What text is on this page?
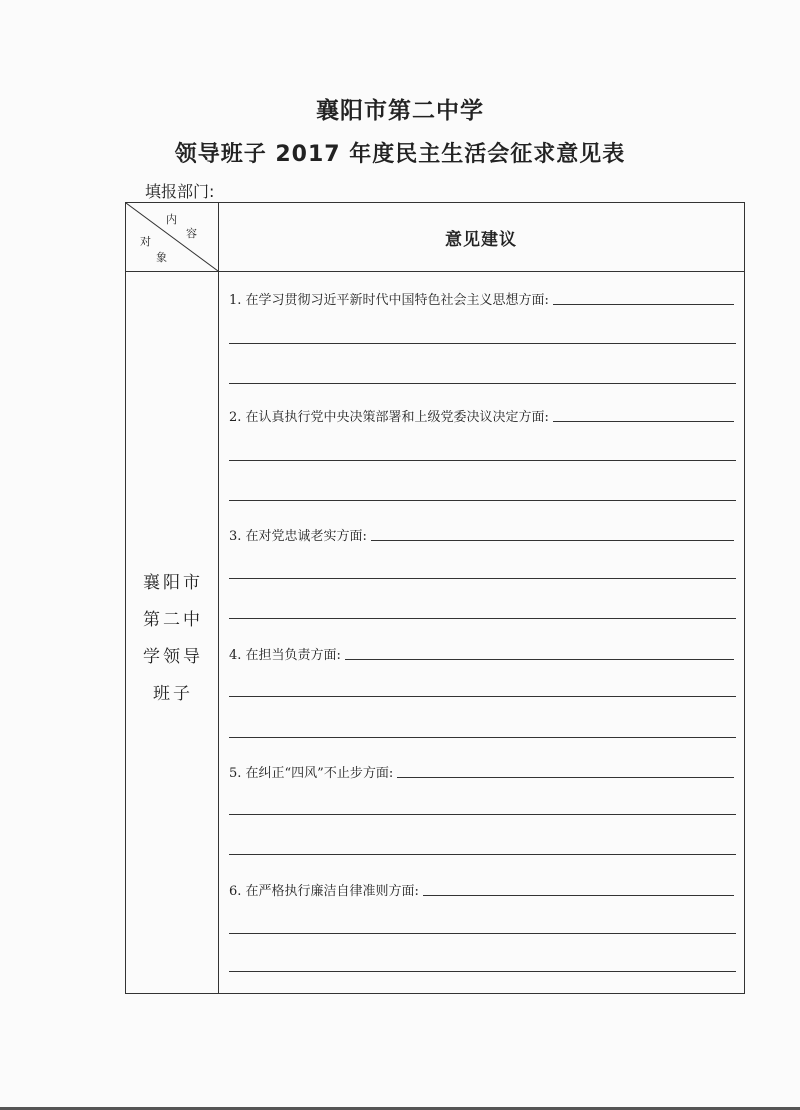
襄阳市第二中学
领导班子 2017 年度民主生活会征求意见表
填报部门:
内
容
对
象
意见建议
襄阳市
第二中
学领导
班子
1. 在学习贯彻习近平新时代中国特色社会主义思想方面:
2. 在认真执行党中央决策部署和上级党委决议决定方面:
3. 在对党忠诚老实方面:
4. 在担当负责方面:
5. 在纠正“四风”不止步方面:
6. 在严格执行廉洁自律准则方面:
